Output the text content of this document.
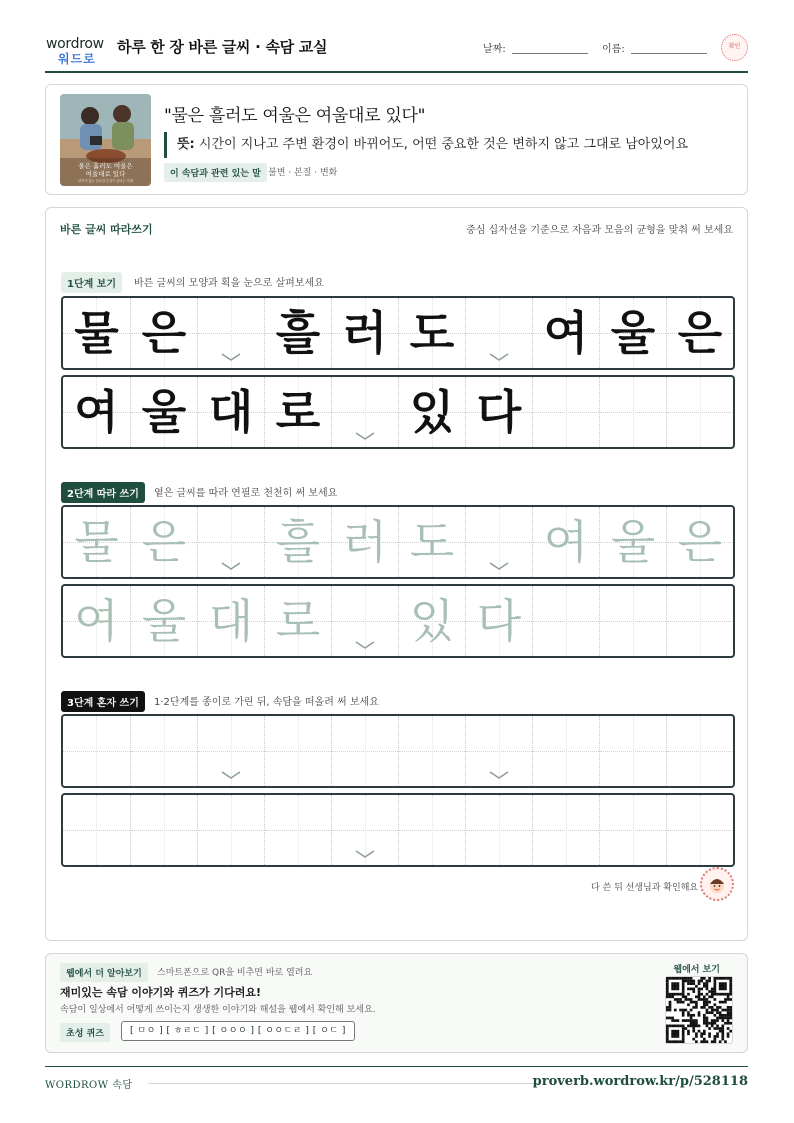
wordrow
워드로
하루 한 장 바른 글씨 · 속담 교실	날짜:	이름:	확인
물은 흘러도 여울은
여울대로 있다
변하지 않는 중요한 본질이 있다는 지혜
"물은 흘러도 여울은 여울대로 있다"
뜻: 시간이 지나고 주변 환경이 바뀌어도, 어떤 중요한 것은 변하지 않고 그대로 남아있어요
이 속담과 관련 있는 말 불변 · 본질 · 변화
바른 글씨 따라쓰기	중심 십자선을 기준으로 자음과 모음의 균형을 맞춰 써 보세요
1단계 보기	바른 글씨의 모양과 획을 눈으로 살펴보세요
물 은 흘 러 도 여 울 은
여 울 대 로 있 다
2단계 따라 쓰기	옅은 글씨를 따라 연필로 천천히 써 보세요
물 은 흘 러 도 여 울 은
여 울 대 로 있 다
3단계 혼자 쓰기	1·2단계를 종이로 가린 뒤, 속담을 떠올려 써 보세요
다 쓴 뒤 선생님과 확인해요
웹에서 더 알아보기	스마트폰으로 QR을 비추면 바로 열려요
재미있는 속담 이야기와 퀴즈가 기다려요!
속담이 일상에서 어떻게 쓰이는지 생생한 이야기와 해설을 웹에서 확인해 보세요.
초성 퀴즈	[ ㅁㅇ ] [ ㅎㄹㄷ ] [ ㅇㅇㅇ ] [ ㅇㅇㄷㄹ ] [ ㅇㄷ ]
웹에서 보기
WORDROW 속담	proverb.wordrow.kr/p/528118
